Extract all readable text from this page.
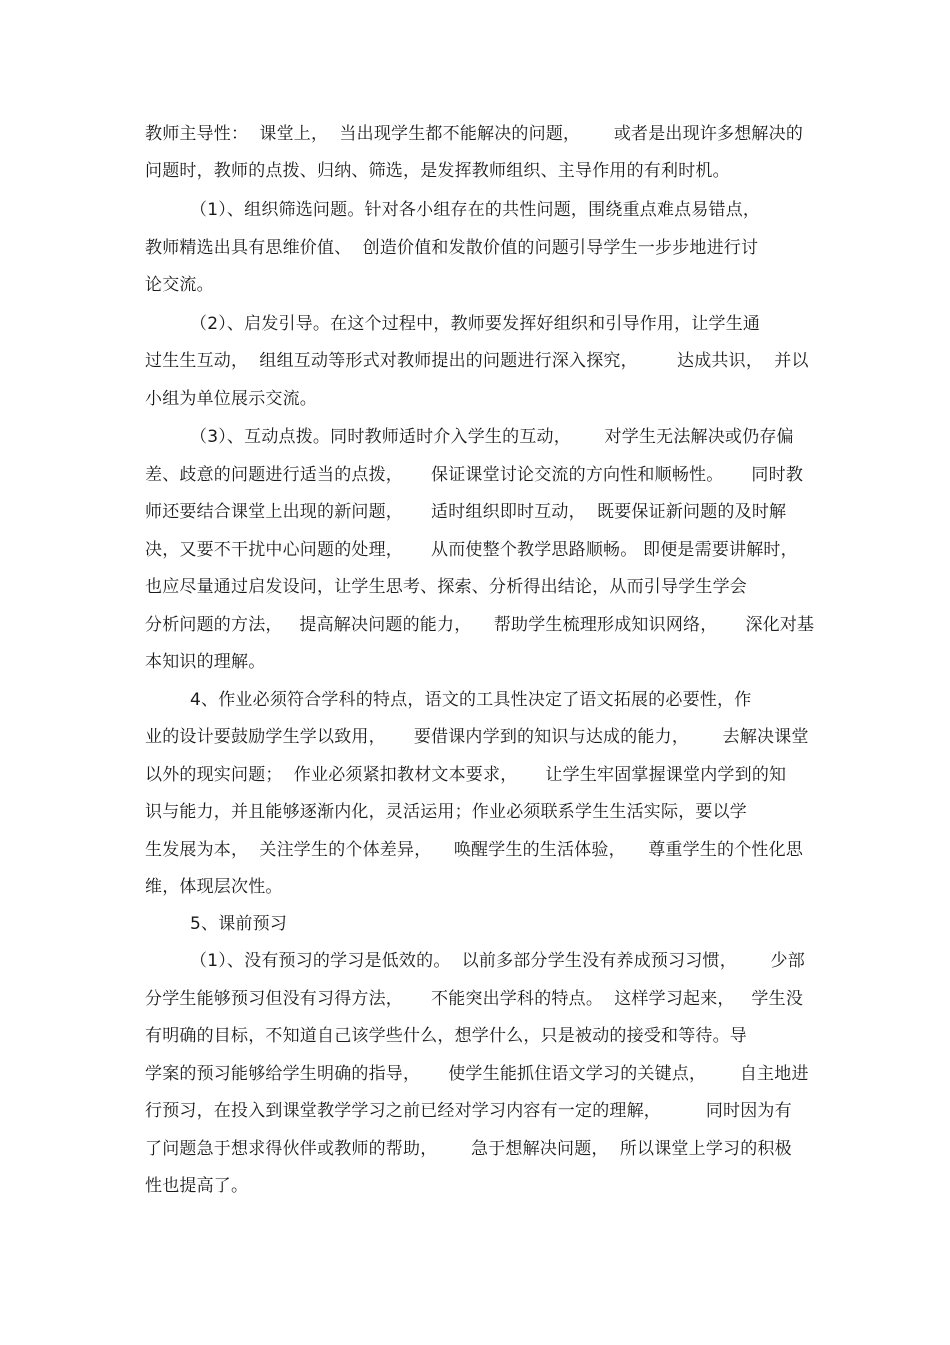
教师主导性：  课堂上，  当出现学生都不能解决的问题，      或者是出现许多想解决的

问题时，教师的点拨、归纳、筛选，是发挥教师组织、主导作用的有利时机。

（1）、组织筛选问题。针对各小组存在的共性问题，围绕重点难点易错点，

教师精选出具有思维价值、  创造价值和发散价值的问题引导学生一步步地进行讨

论交流。

（2）、启发引导。在这个过程中，教师要发挥好组织和引导作用，让学生通

过生生互动，  组组互动等形式对教师提出的问题进行深入探究，       达成共识，  并以

小组为单位展示交流。

（3）、互动点拨。同时教师适时介入学生的互动，      对学生无法解决或仍存偏

差、歧意的问题进行适当的点拨，     保证课堂讨论交流的方向性和顺畅性。     同时教

师还要结合课堂上出现的新问题，     适时组织即时互动，  既要保证新问题的及时解

决，又要不干扰中心问题的处理，     从而使整个教学思路顺畅。 即便是需要讲解时，

也应尽量通过启发设问，让学生思考、探索、分析得出结论，从而引导学生学会

分析问题的方法，   提高解决问题的能力，    帮助学生梳理形成知识网络，     深化对基

本知识的理解。

4、作业必须符合学科的特点，语文的工具性决定了语文拓展的必要性，作

业的设计要鼓励学生学以致用，     要借课内学到的知识与达成的能力，      去解决课堂

以外的现实问题；  作业必须紧扣教材文本要求，     让学生牢固掌握课堂内学到的知

识与能力，并且能够逐渐内化，灵活运用；作业必须联系学生生活实际，要以学

生发展为本，  关注学生的个体差异，    唤醒学生的生活体验，    尊重学生的个性化思

维，体现层次性。

5、课前预习

（1）、没有预习的学习是低效的。  以前多部分学生没有养成预习习惯，      少部

分学生能够预习但没有习得方法，     不能突出学科的特点。  这样学习起来，   学生没

有明确的目标，不知道自己该学些什么，想学什么，只是被动的接受和等待。导

学案的预习能够给学生明确的指导，     使学生能抓住语文学习的关键点，      自主地进

行预习，在投入到课堂教学学习之前已经对学习内容有一定的理解，        同时因为有

了问题急于想求得伙伴或教师的帮助，      急于想解决问题，  所以课堂上学习的积极

性也提高了。
